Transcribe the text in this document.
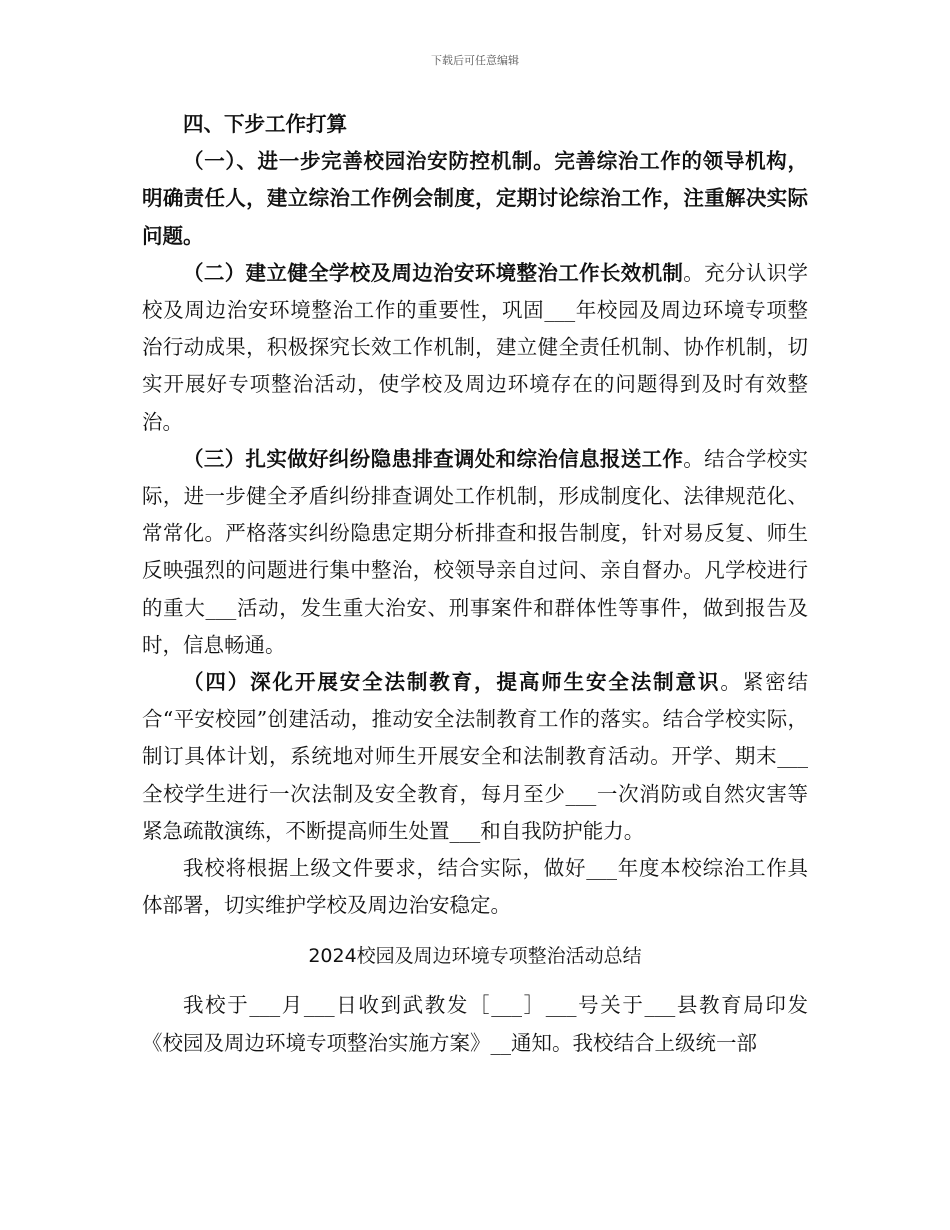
下载后可任意编辑

四、下步工作打算

（一）、进一步完善校园治安防控机制。完善综治工作的领导机构，明确责任人，建立综治工作例会制度，定期讨论综治工作，注重解决实际问题。

（二）建立健全学校及周边治安环境整治工作长效机制。充分认识学校及周边治安环境整治工作的重要性，巩固___年校园及周边环境专项整治行动成果，积极探究长效工作机制，建立健全责任机制、协作机制，切实开展好专项整治活动，使学校及周边环境存在的问题得到及时有效整治。

（三）扎实做好纠纷隐患排查调处和综治信息报送工作。结合学校实际，进一步健全矛盾纠纷排查调处工作机制，形成制度化、法律规范化、常常化。严格落实纠纷隐患定期分析排查和报告制度，针对易反复、师生反映强烈的问题进行集中整治，校领导亲自过问、亲自督办。凡学校进行的重大___活动，发生重大治安、刑事案件和群体性等事件，做到报告及时，信息畅通。

（四）深化开展安全法制教育，提高师生安全法制意识。紧密结合“平安校园”创建活动，推动安全法制教育工作的落实。结合学校实际，制订具体计划，系统地对师生开展安全和法制教育活动。开学、期末___全校学生进行一次法制及安全教育，每月至少___一次消防或自然灾害等紧急疏散演练，不断提高师生处置___和自我防护能力。

我校将根据上级文件要求，结合实际，做好___年度本校综治工作具体部署，切实维护学校及周边治安稳定。

2024校园及周边环境专项整治活动总结

我校于___月___日收到武教发［___］___号关于___县教育局印发《校园及周边环境专项整治实施方案》__通知。我校结合上级统一部
